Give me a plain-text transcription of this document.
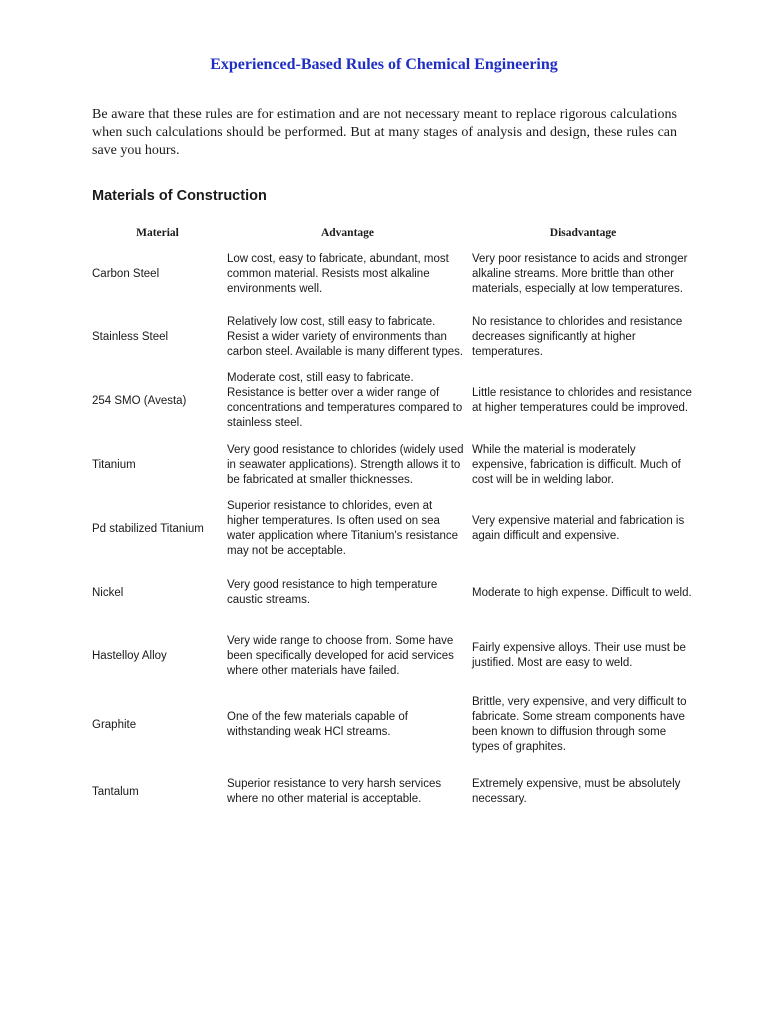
Experienced-Based Rules of Chemical Engineering

Be aware that these rules are for estimation and are not necessary meant to replace rigorous calculations when such calculations should be performed. But at many stages of analysis and design, these rules can save you hours.

Materials of Construction
Material	Advantage	Disadvantage
Carbon Steel	Low cost, easy to fabricate, abundant, most common material. Resists most alkaline environments well.	Very poor resistance to acids and stronger alkaline streams. More brittle than other materials, especially at low temperatures.
Stainless Steel	Relatively low cost, still easy to fabricate. Resist a wider variety of environments than carbon steel. Available is many different types.	No resistance to chlorides and resistance decreases significantly at higher temperatures.
254 SMO (Avesta)	Moderate cost, still easy to fabricate. Resistance is better over a wider range of concentrations and temperatures compared to stainless steel.	Little resistance to chlorides and resistance at higher temperatures could be improved.
Titanium	Very good resistance to chlorides (widely used in seawater applications). Strength allows it to be fabricated at smaller thicknesses.	While the material is moderately expensive, fabrication is difficult. Much of cost will be in welding labor.
Pd stabilized Titanium	Superior resistance to chlorides, even at higher temperatures. Is often used on sea water application where Titanium's resistance may not be acceptable.	Very expensive material and fabrication is again difficult and expensive.
Nickel	Very good resistance to high temperature caustic streams.	Moderate to high expense. Difficult to weld.
Hastelloy Alloy	Very wide range to choose from. Some have been specifically developed for acid services where other materials have failed.	Fairly expensive alloys. Their use must be justified. Most are easy to weld.
Graphite	One of the few materials capable of withstanding weak HCl streams.	Brittle, very expensive, and very difficult to fabricate. Some stream components have been known to diffusion through some types of graphites.
Tantalum	Superior resistance to very harsh services where no other material is acceptable.	Extremely expensive, must be absolutely necessary.
